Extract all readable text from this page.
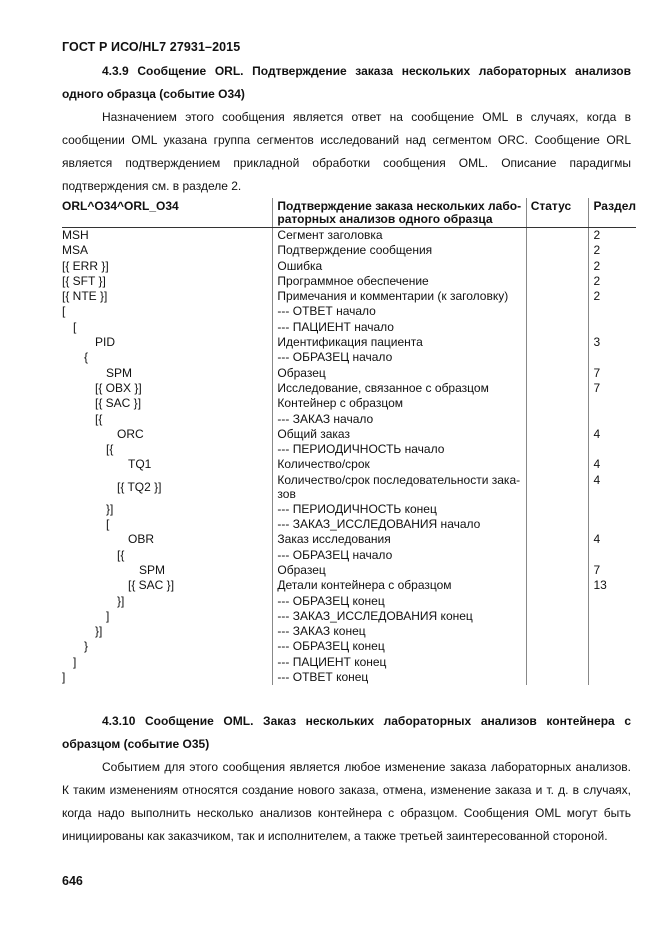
ГОСТ Р ИСО/HL7 27931–2015
4.3.9 Сообщение ORL. Подтверждение заказа нескольких лабораторных анализов одного образца (событие O34)
Назначением этого сообщения является ответ на сообщение OML в случаях, когда в сообщении OML указана группа сегментов исследований над сегментом ORC. Сообщение ORL является подтверждением прикладной обработки сообщения OML. Описание парадигмы подтверждения см. в разделе 2.
ORL^O34^ORL_O34	Подтверждение заказа нескольких лабораторных анализов одного образца	Статус	Раздел
MSH	Сегмент заголовка		2
MSA	Подтверждение сообщения		2
[{ ERR }]	Ошибка		2
[{ SFT }]	Программное обеспечение		2
[{ NTE }]	Примечания и комментарии (к заголовку)		2
[	--- ОТВЕТ начало		
[	--- ПАЦИЕНТ начало		
PID	Идентификация пациента		3
{	--- ОБРАЗЕЦ начало		
SPM	Образец		7
[{ OBX }]	Исследование, связанное с образцом		7
[{ SAC }]	Контейнер с образцом		
[{	--- ЗАКАЗ начало		
ORC	Общий заказ		4
[{	--- ПЕРИОДИЧНОСТЬ начало		
TQ1	Количество/срок		4
[{ TQ2 }]	Количество/срок последовательности заказов		4
}]	--- ПЕРИОДИЧНОСТЬ конец		
[	--- ЗАКАЗ_ИССЛЕДОВАНИЯ начало		
OBR	Заказ исследования		4
[{	--- ОБРАЗЕЦ начало		
SPM	Образец		7
[{ SAC }]	Детали контейнера с образцом		13
}]	--- ОБРАЗЕЦ конец		
]	--- ЗАКАЗ_ИССЛЕДОВАНИЯ конец		
}]	--- ЗАКАЗ конец		
}	--- ОБРАЗЕЦ конец		
]	--- ПАЦИЕНТ конец		
]	--- ОТВЕТ конец		
4.3.10 Сообщение OML. Заказ нескольких лабораторных анализов контейнера с образцом (событие O35)
Событием для этого сообщения является любое изменение заказа лабораторных анализов. К таким изменениям относятся создание нового заказа, отмена, изменение заказа и т. д. в случаях, когда надо выполнить несколько анализов контейнера с образцом. Сообщения OML могут быть инициированы как заказчиком, так и исполнителем, а также третьей заинтересованной стороной.
646
